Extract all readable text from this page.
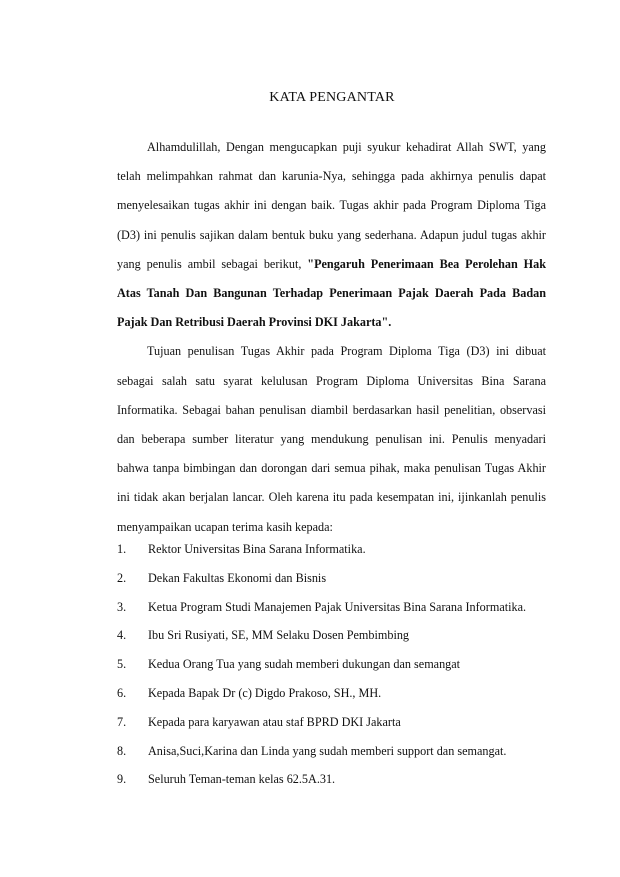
KATA PENGANTAR

Alhamdulillah, Dengan mengucapkan puji syukur kehadirat Allah SWT, yang telah melimpahkan rahmat dan karunia-Nya, sehingga pada akhirnya penulis dapat menyelesaikan tugas akhir ini dengan baik. Tugas akhir pada Program Diploma Tiga (D3) ini penulis sajikan dalam bentuk buku yang sederhana. Adapun judul tugas akhir yang penulis ambil sebagai berikut, "Pengaruh Penerimaan Bea Perolehan Hak Atas Tanah Dan Bangunan Terhadap Penerimaan Pajak Daerah Pada Badan Pajak Dan Retribusi Daerah Provinsi DKI Jakarta".

Tujuan penulisan Tugas Akhir pada Program Diploma Tiga (D3) ini dibuat sebagai salah satu syarat kelulusan Program Diploma Universitas Bina Sarana Informatika. Sebagai bahan penulisan diambil berdasarkan hasil penelitian, observasi dan beberapa sumber literatur yang mendukung penulisan ini. Penulis menyadari bahwa tanpa bimbingan dan dorongan dari semua pihak, maka penulisan Tugas Akhir ini tidak akan berjalan lancar. Oleh karena itu pada kesempatan ini, ijinkanlah penulis menyampaikan ucapan terima kasih kepada:

1.	Rektor Universitas Bina Sarana Informatika.
2.	Dekan Fakultas Ekonomi dan Bisnis
3.	Ketua Program Studi Manajemen Pajak Universitas Bina Sarana Informatika.
4.	Ibu Sri Rusiyati, SE, MM Selaku Dosen Pembimbing
5.	Kedua Orang Tua yang sudah memberi dukungan dan semangat
6.	Kepada Bapak Dr (c) Digdo Prakoso, SH., MH.
7.	Kepada para karyawan atau staf BPRD DKI Jakarta
8.	Anisa,Suci,Karina dan Linda yang sudah memberi support dan semangat.
9.	Seluruh Teman-teman kelas 62.5A.31.
